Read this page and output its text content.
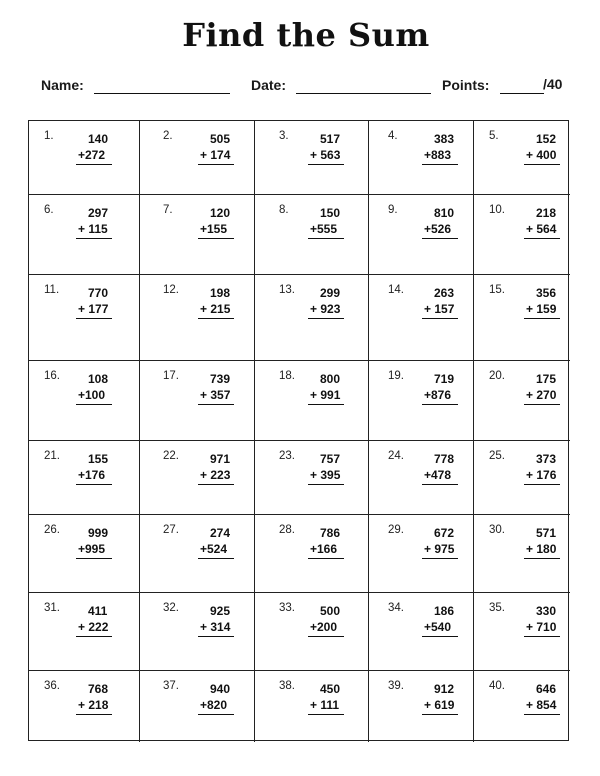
Find the Sum
Name:	Date:	Points:	/40
1.	140
+272
2.	505
+ 174
3.	517
+ 563
4.	383
+883
5.	152
+ 400
6.	297
+ 115
7.	120
+155
8.	150
+555
9.	810
+526
10.	218
+ 564
11. 770
+ 177
12.	198
+ 215
13. 299
+ 923
14.	263
+ 157
15.	356
+ 159
16. 108
+100
17.	739
+ 357
18. 800
+ 991
19.	719
+876
20.	175
+ 270
21. 155
+176
22.	971
+ 223
23. 757
+ 395
24.	778
+478
25.	373
+ 176
26. 999
+995
27.	274
+524
28. 786
+166
29.	672
+ 975
30.	571
+ 180
31. 411
+ 222
32.	925
+ 314
33. 500
+200
34.	186
+540
35.	330
+ 710
36. 768
+ 218
37.	940
+820
38. 450
+ 111
39.	912
+ 619
40.	646
+ 854
